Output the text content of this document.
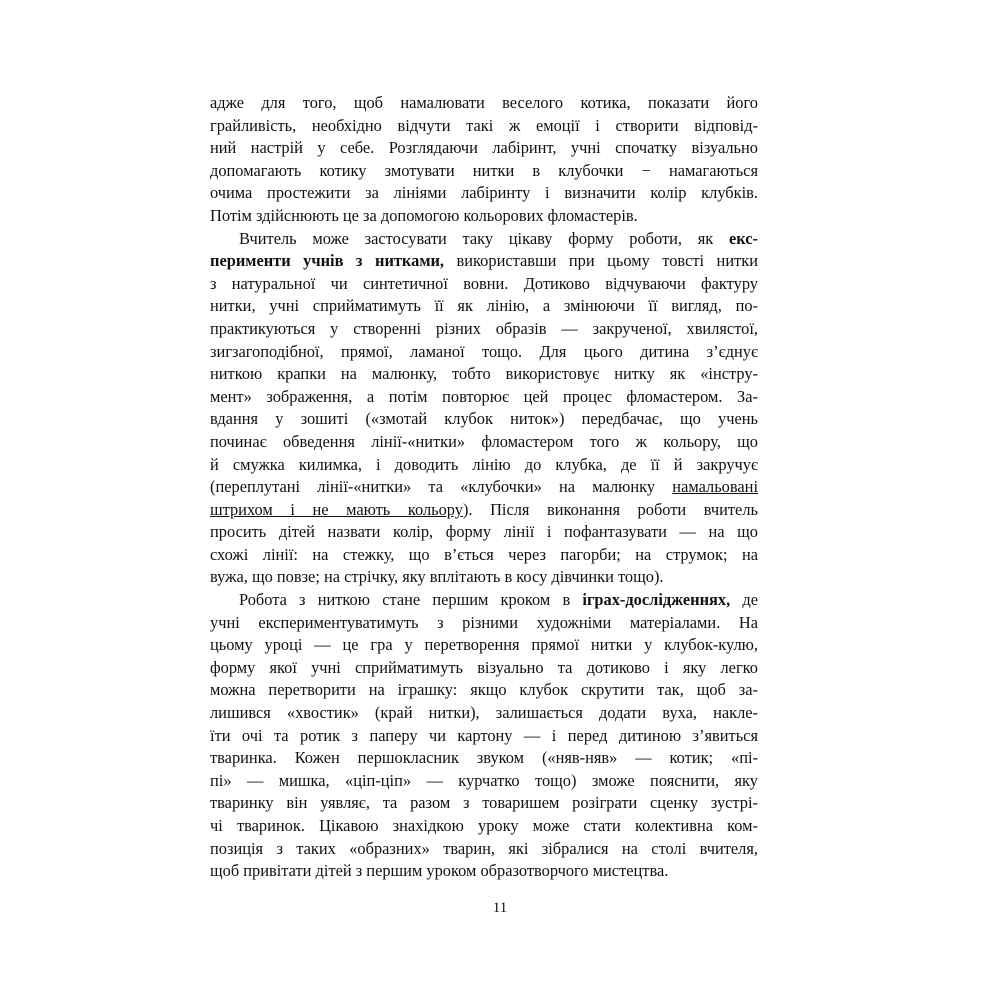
адже для того, щоб намалювати веселого котика, показати його
грайливість, необхідно відчути такі ж емоції і створити відповід-
ний настрій у себе. Розглядаючи лабіринт, учні спочатку візуально
допомагають котику змотувати нитки в клубочки − намагаються
очима простежити за лініями лабіринту і визначити колір клубків.
Потім здійснюють це за допомогою кольорових фломастерів.
Вчитель може застосувати таку цікаву форму роботи, як екс-
перименти учнів з нитками, використавши при цьому товсті нитки
з натуральної чи синтетичної вовни. Дотиково відчуваючи фактуру
нитки, учні сприйматимуть її як лінію, а змінюючи її вигляд, по-
практикуються у створенні різних образів — закрученої, хвилястої,
зигзагоподібної, прямої, ламаної тощо. Для цього дитина з’єднує
ниткою крапки на малюнку, тобто використовує нитку як «інстру-
мент» зображення, а потім повторює цей процес фломастером. За-
вдання у зошиті («змотай клубок ниток») передбачає, що учень
починає обведення лінії-«нитки» фломастером того ж кольору, що
й смужка килимка, і доводить лінію до клубка, де її й закручує
(переплутані лінії-«нитки» та «клубочки» на малюнку намальовані
штрихом і не мають кольору). Після виконання роботи вчитель
просить дітей назвати колір, форму лінії і пофантазувати — на що
схожі лінії: на стежку, що в’ється через пагорби; на струмок; на
вужа, що повзе; на стрічку, яку вплітають в косу дівчинки тощо).
Робота з ниткою стане першим кроком в іграх-дослідженнях, де
учні експериментуватимуть з різними художніми матеріалами. На
цьому уроці — це гра у перетворення прямої нитки у клубок-кулю,
форму якої учні сприйматимуть візуально та дотиково і яку легко
можна перетворити на іграшку: якщо клубок скрутити так, щоб за-
лишився «хвостик» (край нитки), залишається додати вуха, накле-
їти очі та ротик з паперу чи картону — і перед дитиною з’явиться
тваринка. Кожен першокласник звуком («няв-няв» — котик; «пі-
пі» — мишка, «ціп-ціп» — курчатко тощо) зможе пояснити, яку
тваринку він уявляє, та разом з товаришем розіграти сценку зустрі-
чі тваринок. Цікавою знахідкою уроку може стати колективна ком-
позиція з таких «образних» тварин, які зібралися на столі вчителя,
щоб привітати дітей з першим уроком образотворчого мистецтва.
11
